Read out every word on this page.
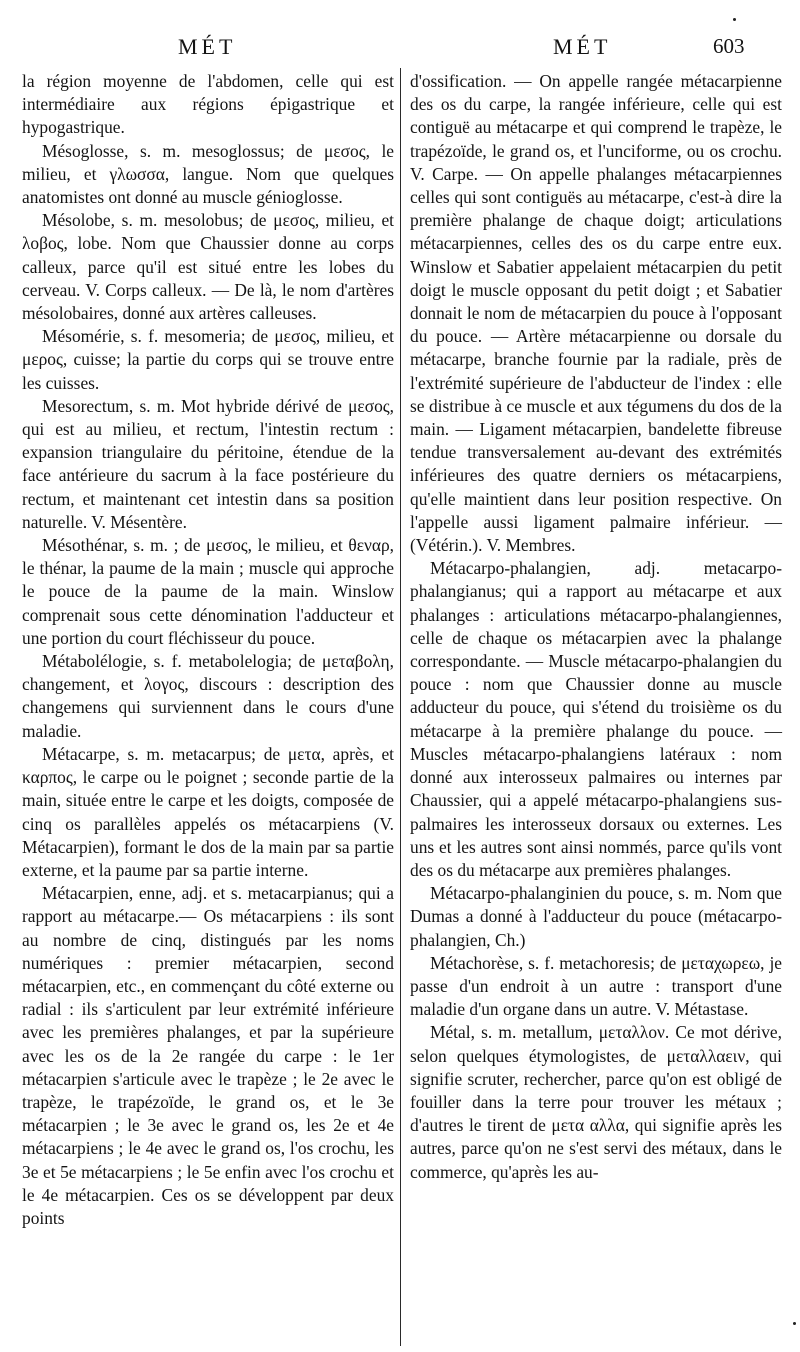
MÉT	MÉT	603

la région moyenne de l'abdomen, celle qui est intermédiaire aux régions épigastrique et hypogastrique.

Mésoglosse, s. m. mesoglossus; de μεσος, le milieu, et γλωσσα, langue. Nom que quelques anatomistes ont donné au muscle génioglosse.

Mésolobe, s. m. mesolobus; de μεσος, milieu, et λοβος, lobe. Nom que Chaussier donne au corps calleux, parce qu'il est situé entre les lobes du cerveau. V. Corps calleux. — De là, le nom d'artères mésolobaires, donné aux artères calleuses.

Mésomérie, s. f. mesomeria; de μεσος, milieu, et μερος, cuisse; la partie du corps qui se trouve entre les cuisses.

Mesorectum, s. m. Mot hybride dérivé de μεσος, qui est au milieu, et rectum, l'intestin rectum : expansion triangulaire du péritoine, étendue de la face antérieure du sacrum à la face postérieure du rectum, et maintenant cet intestin dans sa position naturelle. V. Mésentère.

Mésothénar, s. m. ; de μεσος, le milieu, et θεναρ, le thénar, la paume de la main ; muscle qui approche le pouce de la paume de la main. Winslow comprenait sous cette dénomination l'adducteur et une portion du court fléchisseur du pouce.

Métabolélogie, s. f. metabolelogia; de μεταβολη, changement, et λογος, discours : description des changemens qui surviennent dans le cours d'une maladie.

Métacarpe, s. m. metacarpus; de μετα, après, et καρπος, le carpe ou le poignet ; seconde partie de la main, située entre le carpe et les doigts, composée de cinq os parallèles appelés os métacarpiens (V. Métacarpien), formant le dos de la main par sa partie externe, et la paume par sa partie interne.

Métacarpien, enne, adj. et s. metacarpianus; qui a rapport au métacarpe.— Os métacarpiens : ils sont au nombre de cinq, distingués par les noms numériques : premier métacarpien, second métacarpien, etc., en commençant du côté externe ou radial : ils s'articulent par leur extrémité inférieure avec les premières phalanges, et par la supérieure avec les os de la 2e rangée du carpe : le 1er métacarpien s'articule avec le trapèze ; le 2e avec le trapèze, le trapézoïde, le grand os, et le 3e métacarpien ; le 3e avec le grand os, les 2e et 4e métacarpiens ; le 4e avec le grand os, l'os crochu, les 3e et 5e métacarpiens ; le 5e enfin avec l'os crochu et le 4e métacarpien. Ces os se développent par deux points

d'ossification. — On appelle rangée métacarpienne des os du carpe, la rangée inférieure, celle qui est contiguë au métacarpe et qui comprend le trapèze, le trapézoïde, le grand os, et l'unciforme, ou os crochu. V. Carpe. — On appelle phalanges métacarpiennes celles qui sont contiguës au métacarpe, c'est-à dire la première phalange de chaque doigt; articulations métacarpiennes, celles des os du carpe entre eux. Winslow et Sabatier appelaient métacarpien du petit doigt le muscle opposant du petit doigt ; et Sabatier donnait le nom de métacarpien du pouce à l'opposant du pouce. — Artère métacarpienne ou dorsale du métacarpe, branche fournie par la radiale, près de l'extrémité supérieure de l'abducteur de l'index : elle se distribue à ce muscle et aux tégumens du dos de la main. — Ligament métacarpien, bandelette fibreuse tendue transversalement au-devant des extrémités inférieures des quatre derniers os métacarpiens, qu'elle maintient dans leur position respective. On l'appelle aussi ligament palmaire inférieur. — (Vétérin.). V. Membres.

Métacarpo-phalangien, adj. metacarpo-phalangianus; qui a rapport au métacarpe et aux phalanges : articulations métacarpo-phalangiennes, celle de chaque os métacarpien avec la phalange correspondante. — Muscle métacarpo-phalangien du pouce : nom que Chaussier donne au muscle adducteur du pouce, qui s'étend du troisième os du métacarpe à la première phalange du pouce. — Muscles métacarpo-phalangiens latéraux : nom donné aux interosseux palmaires ou internes par Chaussier, qui a appelé métacarpo-phalangiens sus-palmaires les interosseux dorsaux ou externes. Les uns et les autres sont ainsi nommés, parce qu'ils vont des os du métacarpe aux premières phalanges.

Métacarpo-phalanginien du pouce, s. m. Nom que Dumas a donné à l'adducteur du pouce (métacarpo-phalangien, Ch.)

Métachorèse, s. f. metachoresis; de μεταχωρεω, je passe d'un endroit à un autre : transport d'une maladie d'un organe dans un autre. V. Métastase.

Métal, s. m. metallum, μεταλλον. Ce mot dérive, selon quelques étymologistes, de μεταλλαειν, qui signifie scruter, rechercher, parce qu'on est obligé de fouiller dans la terre pour trouver les métaux ; d'autres le tirent de μετα αλλα, qui signifie après les autres, parce qu'on ne s'est servi des métaux, dans le commerce, qu'après les au-
